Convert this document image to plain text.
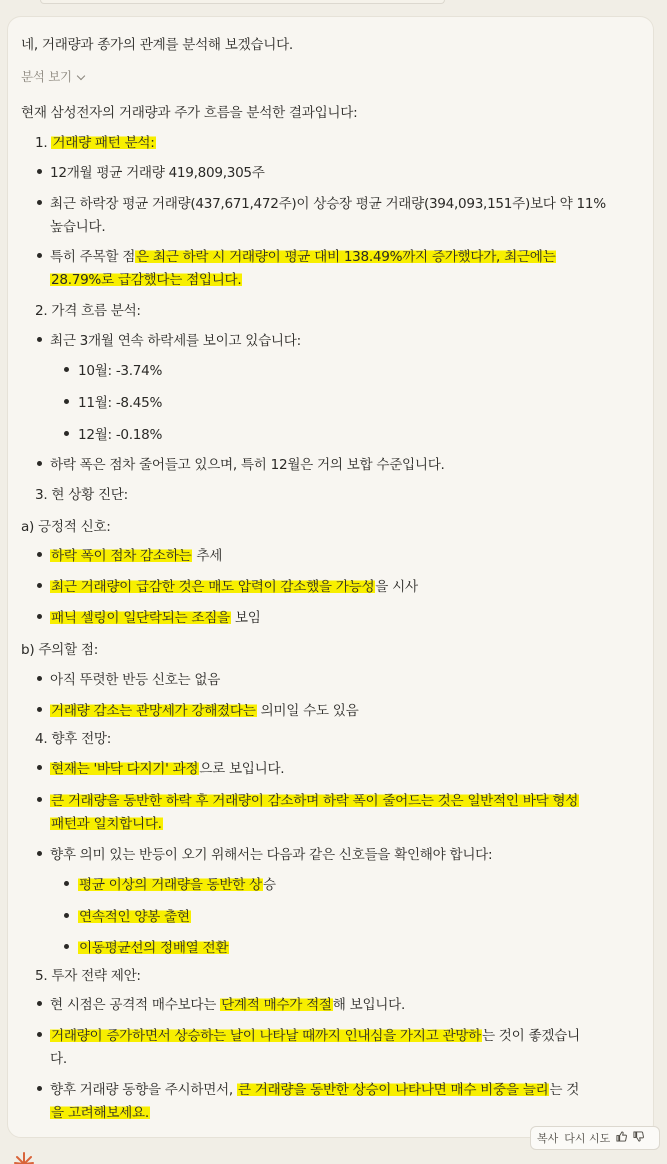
네, 거래량과 종가의 관계를 분석해 보겠습니다.
분석 보기
현재 삼성전자의 거래량과 주가 흐름을 분석한 결과입니다:
1. 거래량 패턴 분석:
12개월 평균 거래량 419,809,305주
최근 하락장 평균 거래량(437,671,472주)이 상승장 평균 거래량(394,093,151주)보다 약 11%
높습니다.
특히 주목할 점은 최근 하락 시 거래량이 평균 대비 138.49%까지 증가했다가, 최근에는
28.79%로 급감했다는 점입니다.
2. 가격 흐름 분석:
최근 3개월 연속 하락세를 보이고 있습니다:
10월: -3.74%
11월: -8.45%
12월: -0.18%
하락 폭은 점차 줄어들고 있으며, 특히 12월은 거의 보합 수준입니다.
3. 현 상황 진단:
a) 긍정적 신호:
하락 폭이 점차 감소하는 추세
최근 거래량이 급감한 것은 매도 압력이 감소했을 가능성을 시사
패닉 셀링이 일단락되는 조짐을 보임
b) 주의할 점:
아직 뚜렷한 반등 신호는 없음
거래량 감소는 관망세가 강해졌다는 의미일 수도 있음
4. 향후 전망:
현재는 '바닥 다지기' 과정으로 보입니다.
큰 거래량을 동반한 하락 후 거래량이 감소하며 하락 폭이 줄어드는 것은 일반적인 바닥 형성
패턴과 일치합니다.
향후 의미 있는 반등이 오기 위해서는 다음과 같은 신호들을 확인해야 합니다:
평균 이상의 거래량을 동반한 상승
연속적인 양봉 출현
이동평균선의 정배열 전환
5. 투자 전략 제안:
현 시점은 공격적 매수보다는 단계적 매수가 적절해 보입니다.
거래량이 증가하면서 상승하는 날이 나타날 때까지 인내심을 가지고 관망하는 것이 좋겠습니
다.
향후 거래량 동향을 주시하면서, 큰 거래량을 동반한 상승이 나타나면 매수 비중을 늘리는 것
을 고려해보세요.
복사 다시 시도
